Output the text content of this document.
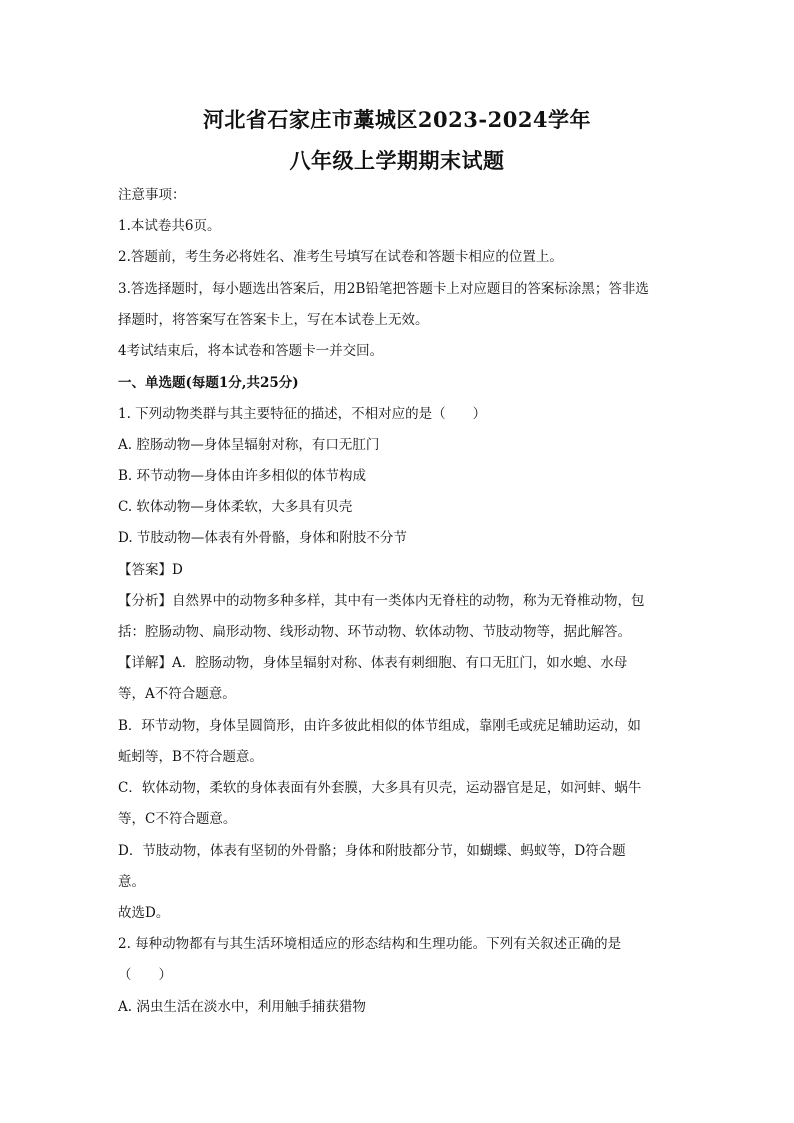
河北省石家庄市藁城区2023-2024学年
八年级上学期期末试题
注意事项：
1.本试卷共6页。
2.答题前，考生务必将姓名、准考生号填写在试卷和答题卡相应的位置上。
3.答选择题时，每小题选出答案后，用2B铅笔把答题卡上对应题目的答案标涂黑；答非选
择题时，将答案写在答案卡上，写在本试卷上无效。
4考试结束后，将本试卷和答题卡一并交回。
一、单选题(每题1分,共25分)
1. 下列动物类群与其主要特征的描述，不相对应的是（　　）
A. 腔肠动物—身体呈辐射对称，有口无肛门
B. 环节动物—身体由许多相似的体节构成
C. 软体动物—身体柔软，大多具有贝壳
D. 节肢动物—体表有外骨骼，身体和附肢不分节
【答案】D
【分析】自然界中的动物多种多样，其中有一类体内无脊柱的动物，称为无脊椎动物，包
括：腔肠动物、扁形动物、线形动物、环节动物、软体动物、节肢动物等，据此解答。
【详解】A．腔肠动物，身体呈辐射对称、体表有刺细胞、有口无肛门，如水螅、水母
等，A不符合题意。
B．环节动物，身体呈圆筒形，由许多彼此相似的体节组成，靠刚毛或疣足辅助运动，如
蚯蚓等，B不符合题意。
C．软体动物，柔软的身体表面有外套膜，大多具有贝壳，运动器官是足，如河蚌、蜗牛
等，C不符合题意。
D．节肢动物，体表有坚韧的外骨骼；身体和附肢都分节，如蝴蝶、蚂蚁等，D符合题
意。
故选D。
2. 每种动物都有与其生活环境相适应的形态结构和生理功能。下列有关叙述正确的是
（　　）
A. 涡虫生活在淡水中，利用触手捕获猎物
